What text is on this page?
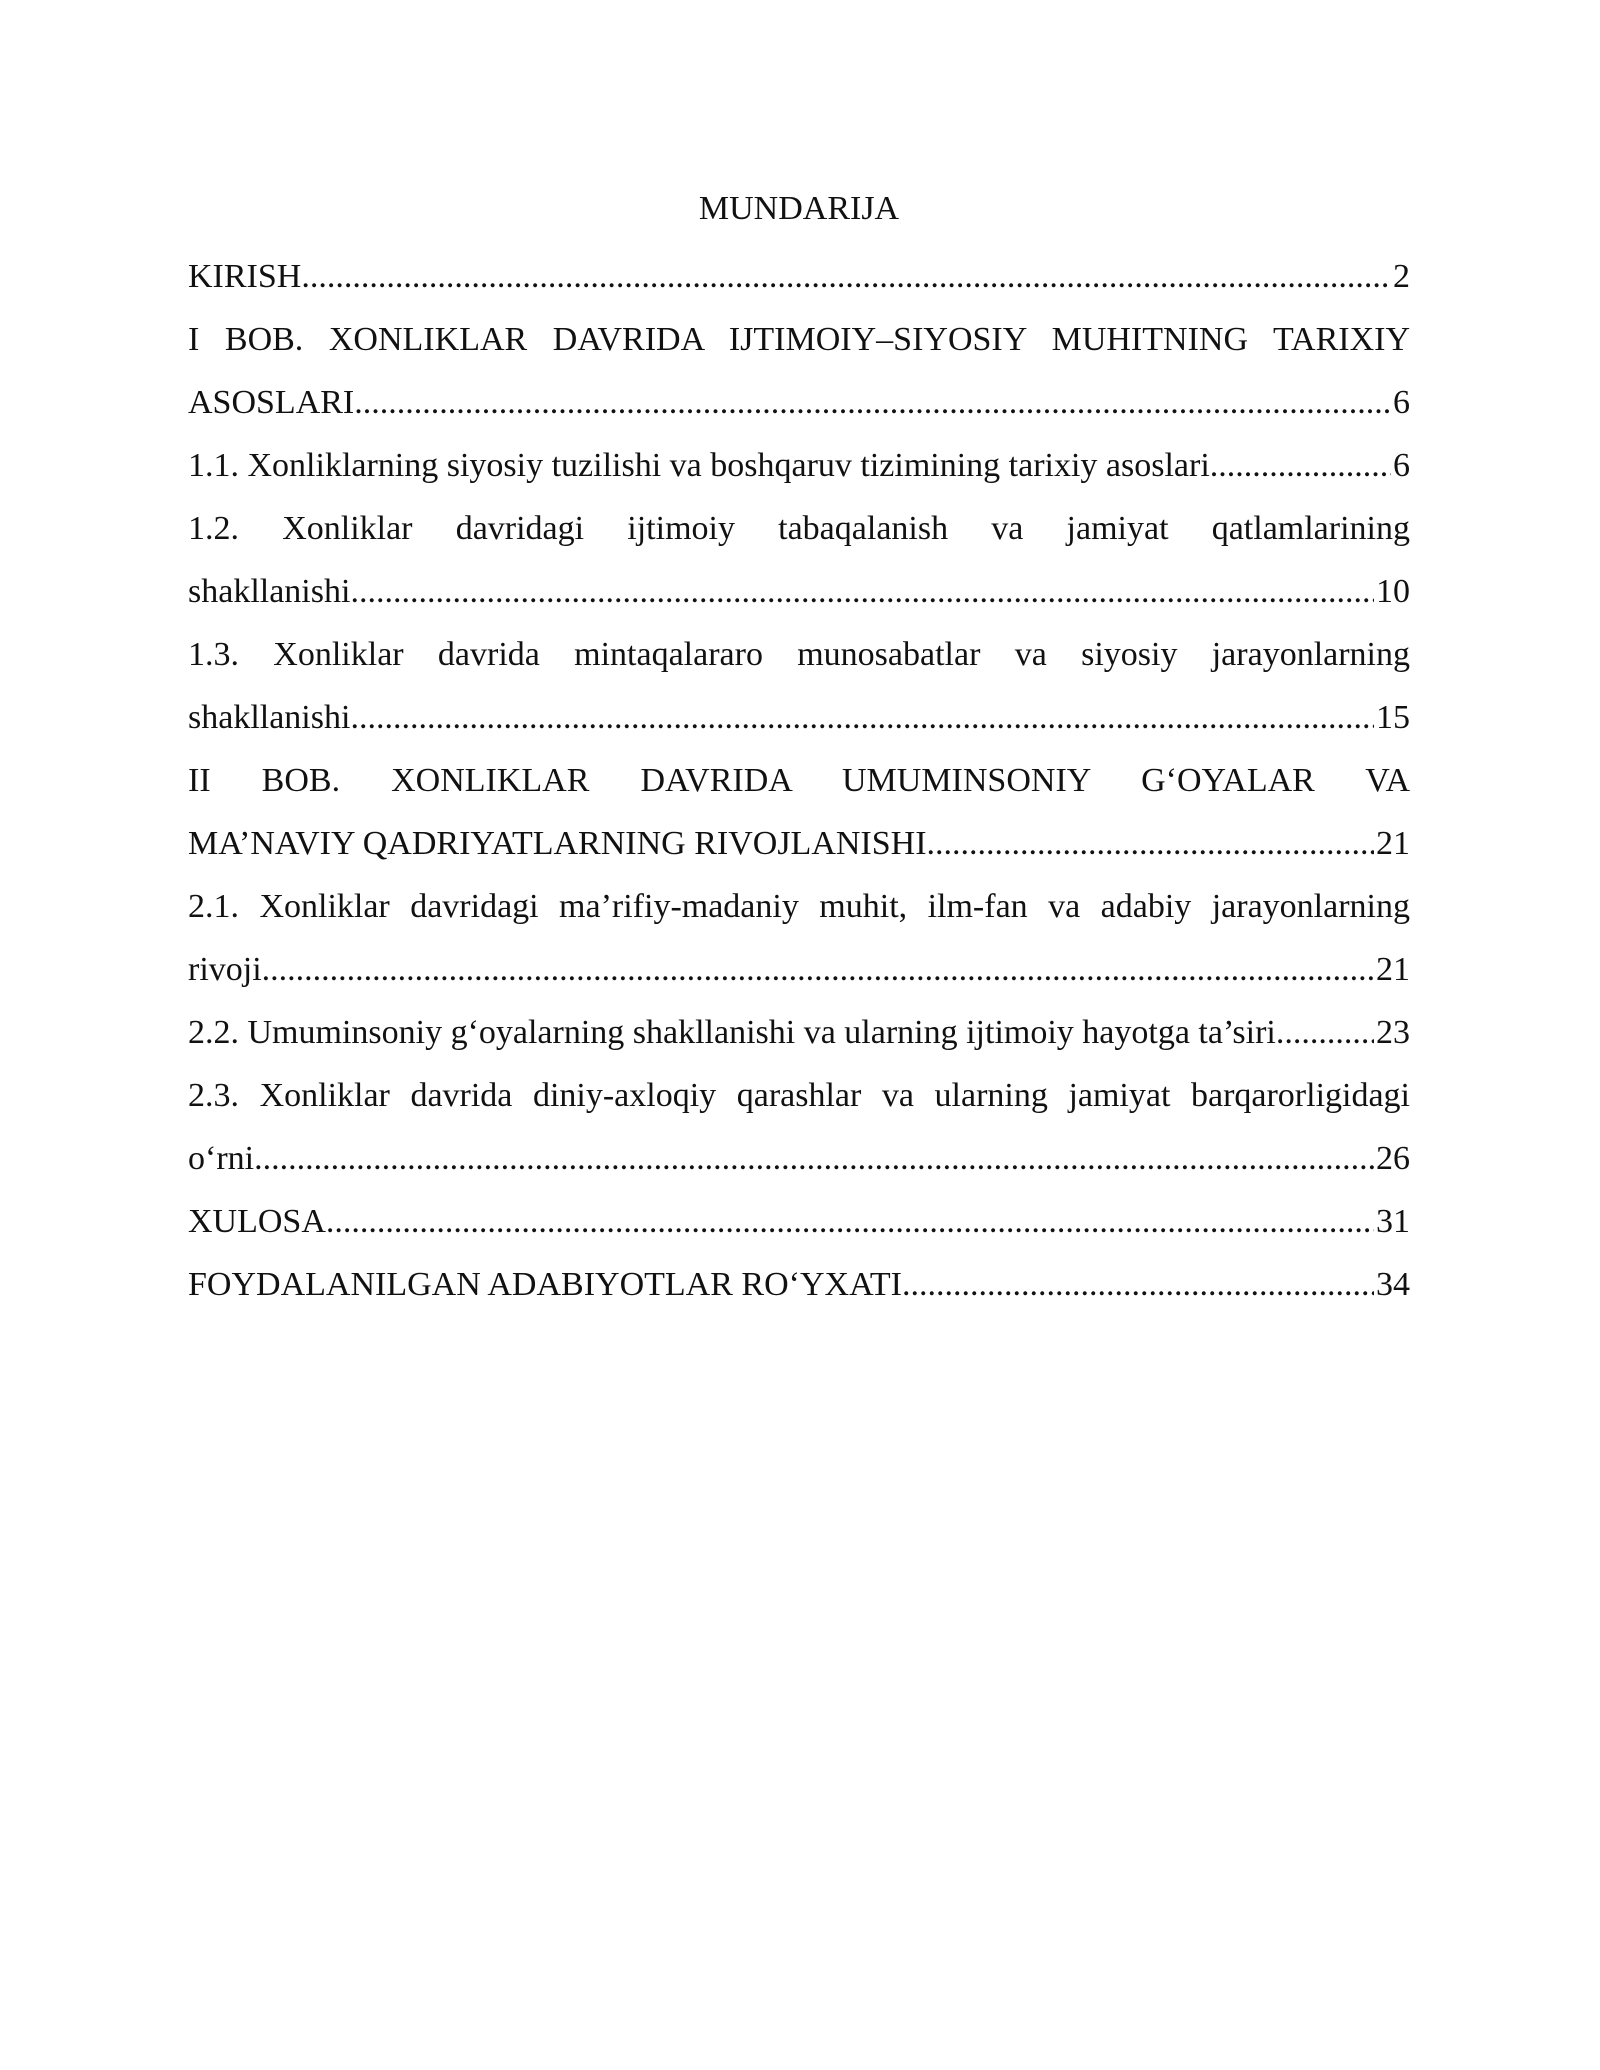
MUNDARIJA
KIRISH .....	2
I BOB. XONLIKLAR DAVRIDA IJTIMOIY–SIYOSIY MUHITNING TARIXIY
ASOSLARI .....	6
1.1. Xonliklarning siyosiy tuzilishi va boshqaruv tizimining tarixiy asoslari .....	6
1.2. Xonliklar davridagi ijtimoiy tabaqalanish va jamiyat qatlamlarining
shakllanishi .....	10
1.3. Xonliklar davrida mintaqalararo munosabatlar va siyosiy jarayonlarning
shakllanishi .....	15
II BOB. XONLIKLAR DAVRIDA UMUMINSONIY G‘OYALAR VA
MA’NAVIY QADRIYATLARNING RIVOJLANISHI .....	21
2.1. Xonliklar davridagi ma’rifiy-madaniy muhit, ilm-fan va adabiy jarayonlarning
rivoji .....	21
2.2. Umuminsoniy g‘oyalarning shakllanishi va ularning ijtimoiy hayotga ta’siri. .....	23
2.3. Xonliklar davrida diniy-axloqiy qarashlar va ularning jamiyat barqarorligidagi
o‘rni .....	26
XULOSA .....	31
FOYDALANILGAN ADABIYOTLAR RO‘YXATI .....	34
